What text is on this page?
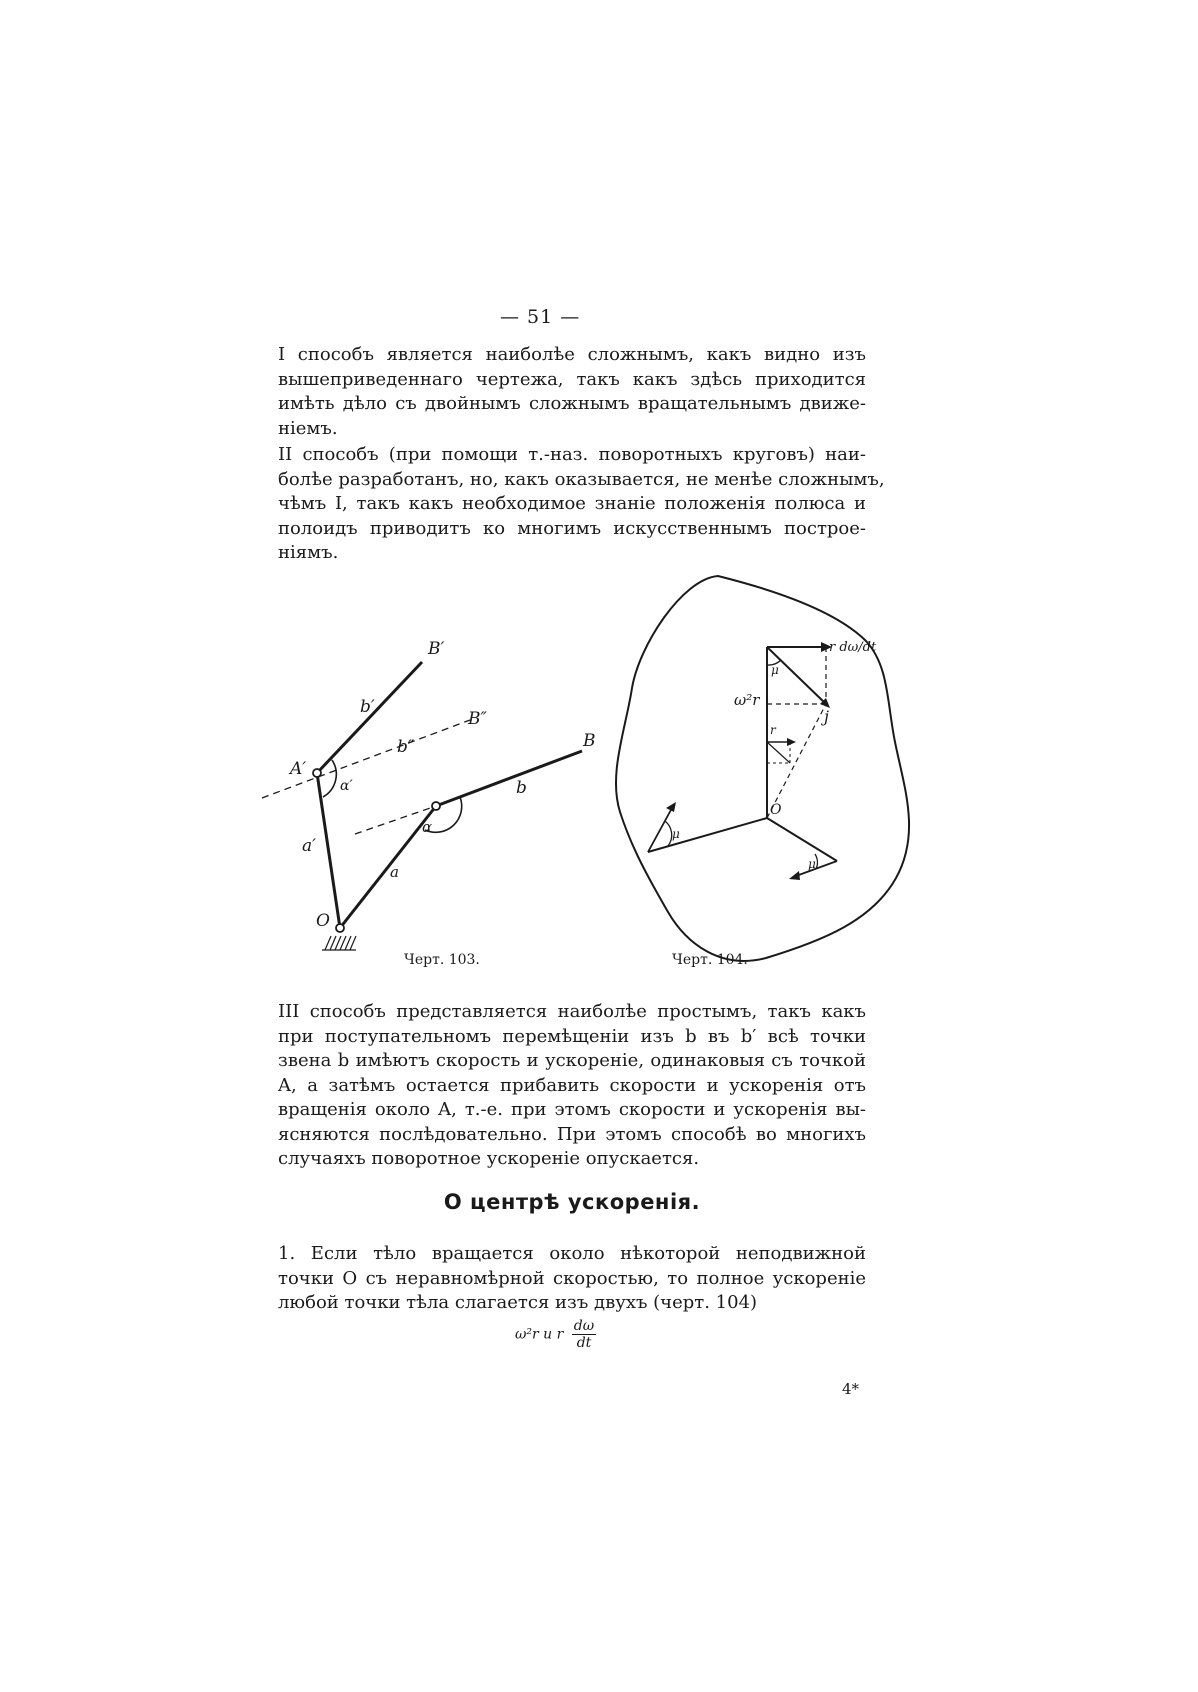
— 51 —
I способъ является наиболѣе сложнымъ, какъ видно изъ
вышеприведеннаго чертежа, такъ какъ здѣсь приходится
имѣть дѣло съ двойнымъ сложнымъ вращательнымъ движе-
ніемъ.
II способъ (при помощи т.-наз. поворотныхъ круговъ) наи-
болѣе разработанъ, но, какъ оказывается, не менѣе сложнымъ,
чѣмъ I, такъ какъ необходимое знаніе положенія полюса и
полоидъ приводитъ ко многимъ искусственнымъ построе-
ніямъ.
B′
b′
B″
b″
A′
α′
B
b
a′
α
a
O
r dω/dt
μ
ω²r
j
r
O
μ
μ
Черт. 103.	Черт. 104.
III способъ представляется наиболѣе простымъ, такъ какъ
при поступательномъ перемѣщеніи изъ b въ b′ всѣ точки
звена b имѣютъ скорость и ускореніе, одинаковыя съ точкой
A, а затѣмъ остается прибавить скорости и ускоренія отъ
вращенія около A, т.-е. при этомъ скорости и ускоренія вы-
ясняются послѣдовательно. При этомъ способѣ во многихъ
случаяхъ поворотное ускореніе опускается.
О центрѣ ускоренія.
1. Если тѣло вращается около нѣкоторой неподвижной
точки O съ неравномѣрной скоростью, то полное ускореніе
любой точки тѣла слагается изъ двухъ (черт. 104)
ω²r и r $\frac{d\omega}{dt}$
4*
